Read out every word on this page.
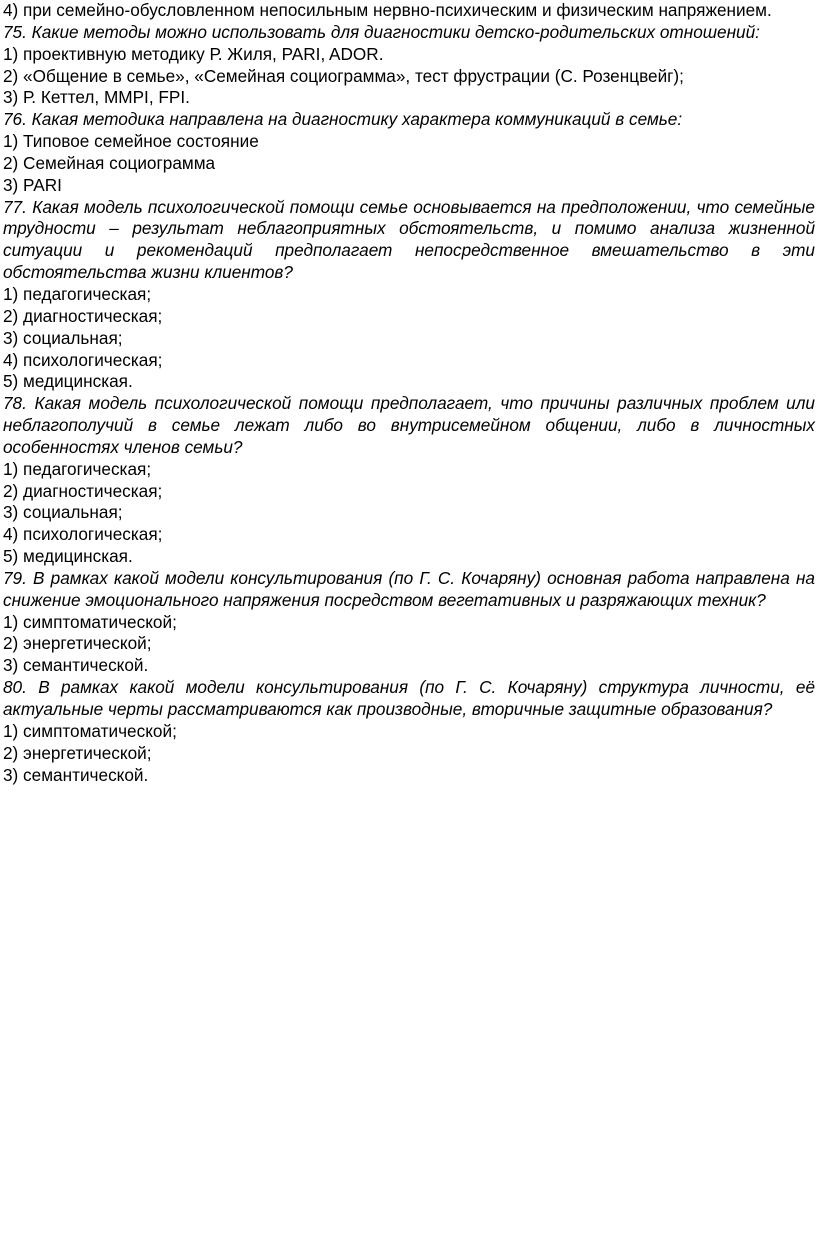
4) при семейно-обусловленном непосильным нервно-психическим и физическим напряжением.

75. Какие методы можно использовать для диагностики детско-родительских отношений:

1) проективную методику Р. Жиля, PARI, ADOR.

2) «Общение в семье», «Семейная социограмма», тест фрустрации (С. Розенцвейг);

3) Р. Кеттел, MMPI, FPI.

76. Какая методика направлена на диагностику характера коммуникаций в семье:

1) Типовое семейное состояние

2) Семейная социограмма

3) PARI

77. Какая модель психологической помощи семье основывается на предположении, что семейные трудности – результат неблагоприятных обстоятельств, и помимо анализа жизненной ситуации и рекомендаций предполагает непосредственное вмешательство в эти обстоятельства жизни клиентов?

1) педагогическая;

2) диагностическая;

3) социальная;

4) психологическая;

5) медицинская.

78. Какая модель психологической помощи предполагает, что причины различных проблем или неблагополучий в семье лежат либо во внутрисемейном общении, либо в личностных особенностях членов семьи?

1) педагогическая;

2) диагностическая;

3) социальная;

4) психологическая;

5) медицинская.

79. В рамках какой модели консультирования (по Г. С. Кочаряну) основная работа направлена на снижение эмоционального напряжения посредством вегетативных и разряжающих техник?

1) симптоматической;

2) энергетической;

3) семантической.

80. В рамках какой модели консультирования (по Г. С. Кочаряну) структура личности, её актуальные черты рассматриваются как производные, вторичные защитные образования?

1) симптоматической;

2) энергетической;

3) семантической.
